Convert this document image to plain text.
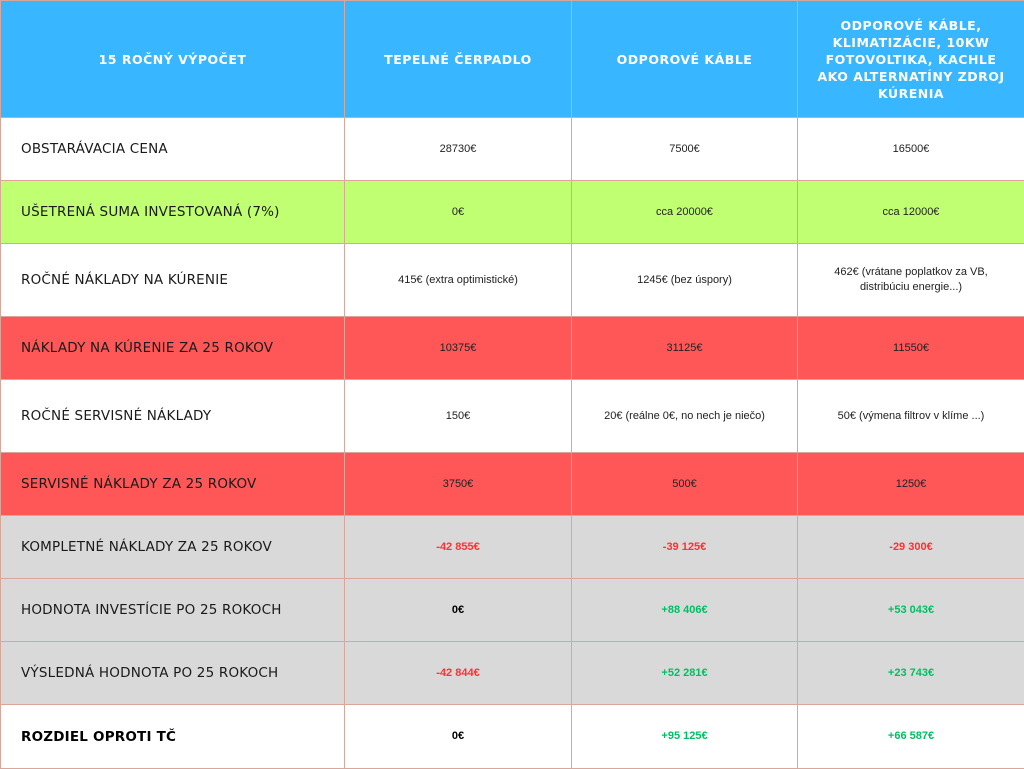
15 ROČNÝ VÝPOČET	TEPELNÉ ČERPADLO	ODPOROVÉ KÁBLE	ODPOROVÉ KÁBLE, KLIMATIZÁCIE, 10KW FOTOVOLTIKA, KACHLE AKO ALTERNATÍNY ZDROJ KÚRENIA
OBSTARÁVACIA CENA	28730€	7500€	16500€
UŠETRENÁ SUMA INVESTOVANÁ (7%)	0€	cca 20000€	cca 12000€
ROČNÉ NÁKLADY NA KÚRENIE	415€ (extra optimistické)	1245€ (bez úspory)	462€ (vrátane poplatkov za VB, distribúciu energie...)
NÁKLADY NA KÚRENIE ZA 25 ROKOV	10375€	31125€	11550€
ROČNÉ SERVISNÉ NÁKLADY	150€	20€ (reálne 0€, no nech je niečo)	50€ (výmena filtrov v klíme ...)
SERVISNÉ NÁKLADY ZA 25 ROKOV	3750€	500€	1250€
KOMPLETNÉ NÁKLADY ZA 25 ROKOV	-42 855€	-39 125€	-29 300€
HODNOTA INVESTÍCIE PO 25 ROKOCH	0€	+88 406€	+53 043€
VÝSLEDNÁ HODNOTA PO 25 ROKOCH	-42 844€	+52 281€	+23 743€
ROZDIEL OPROTI TČ	0€	+95 125€	+66 587€
